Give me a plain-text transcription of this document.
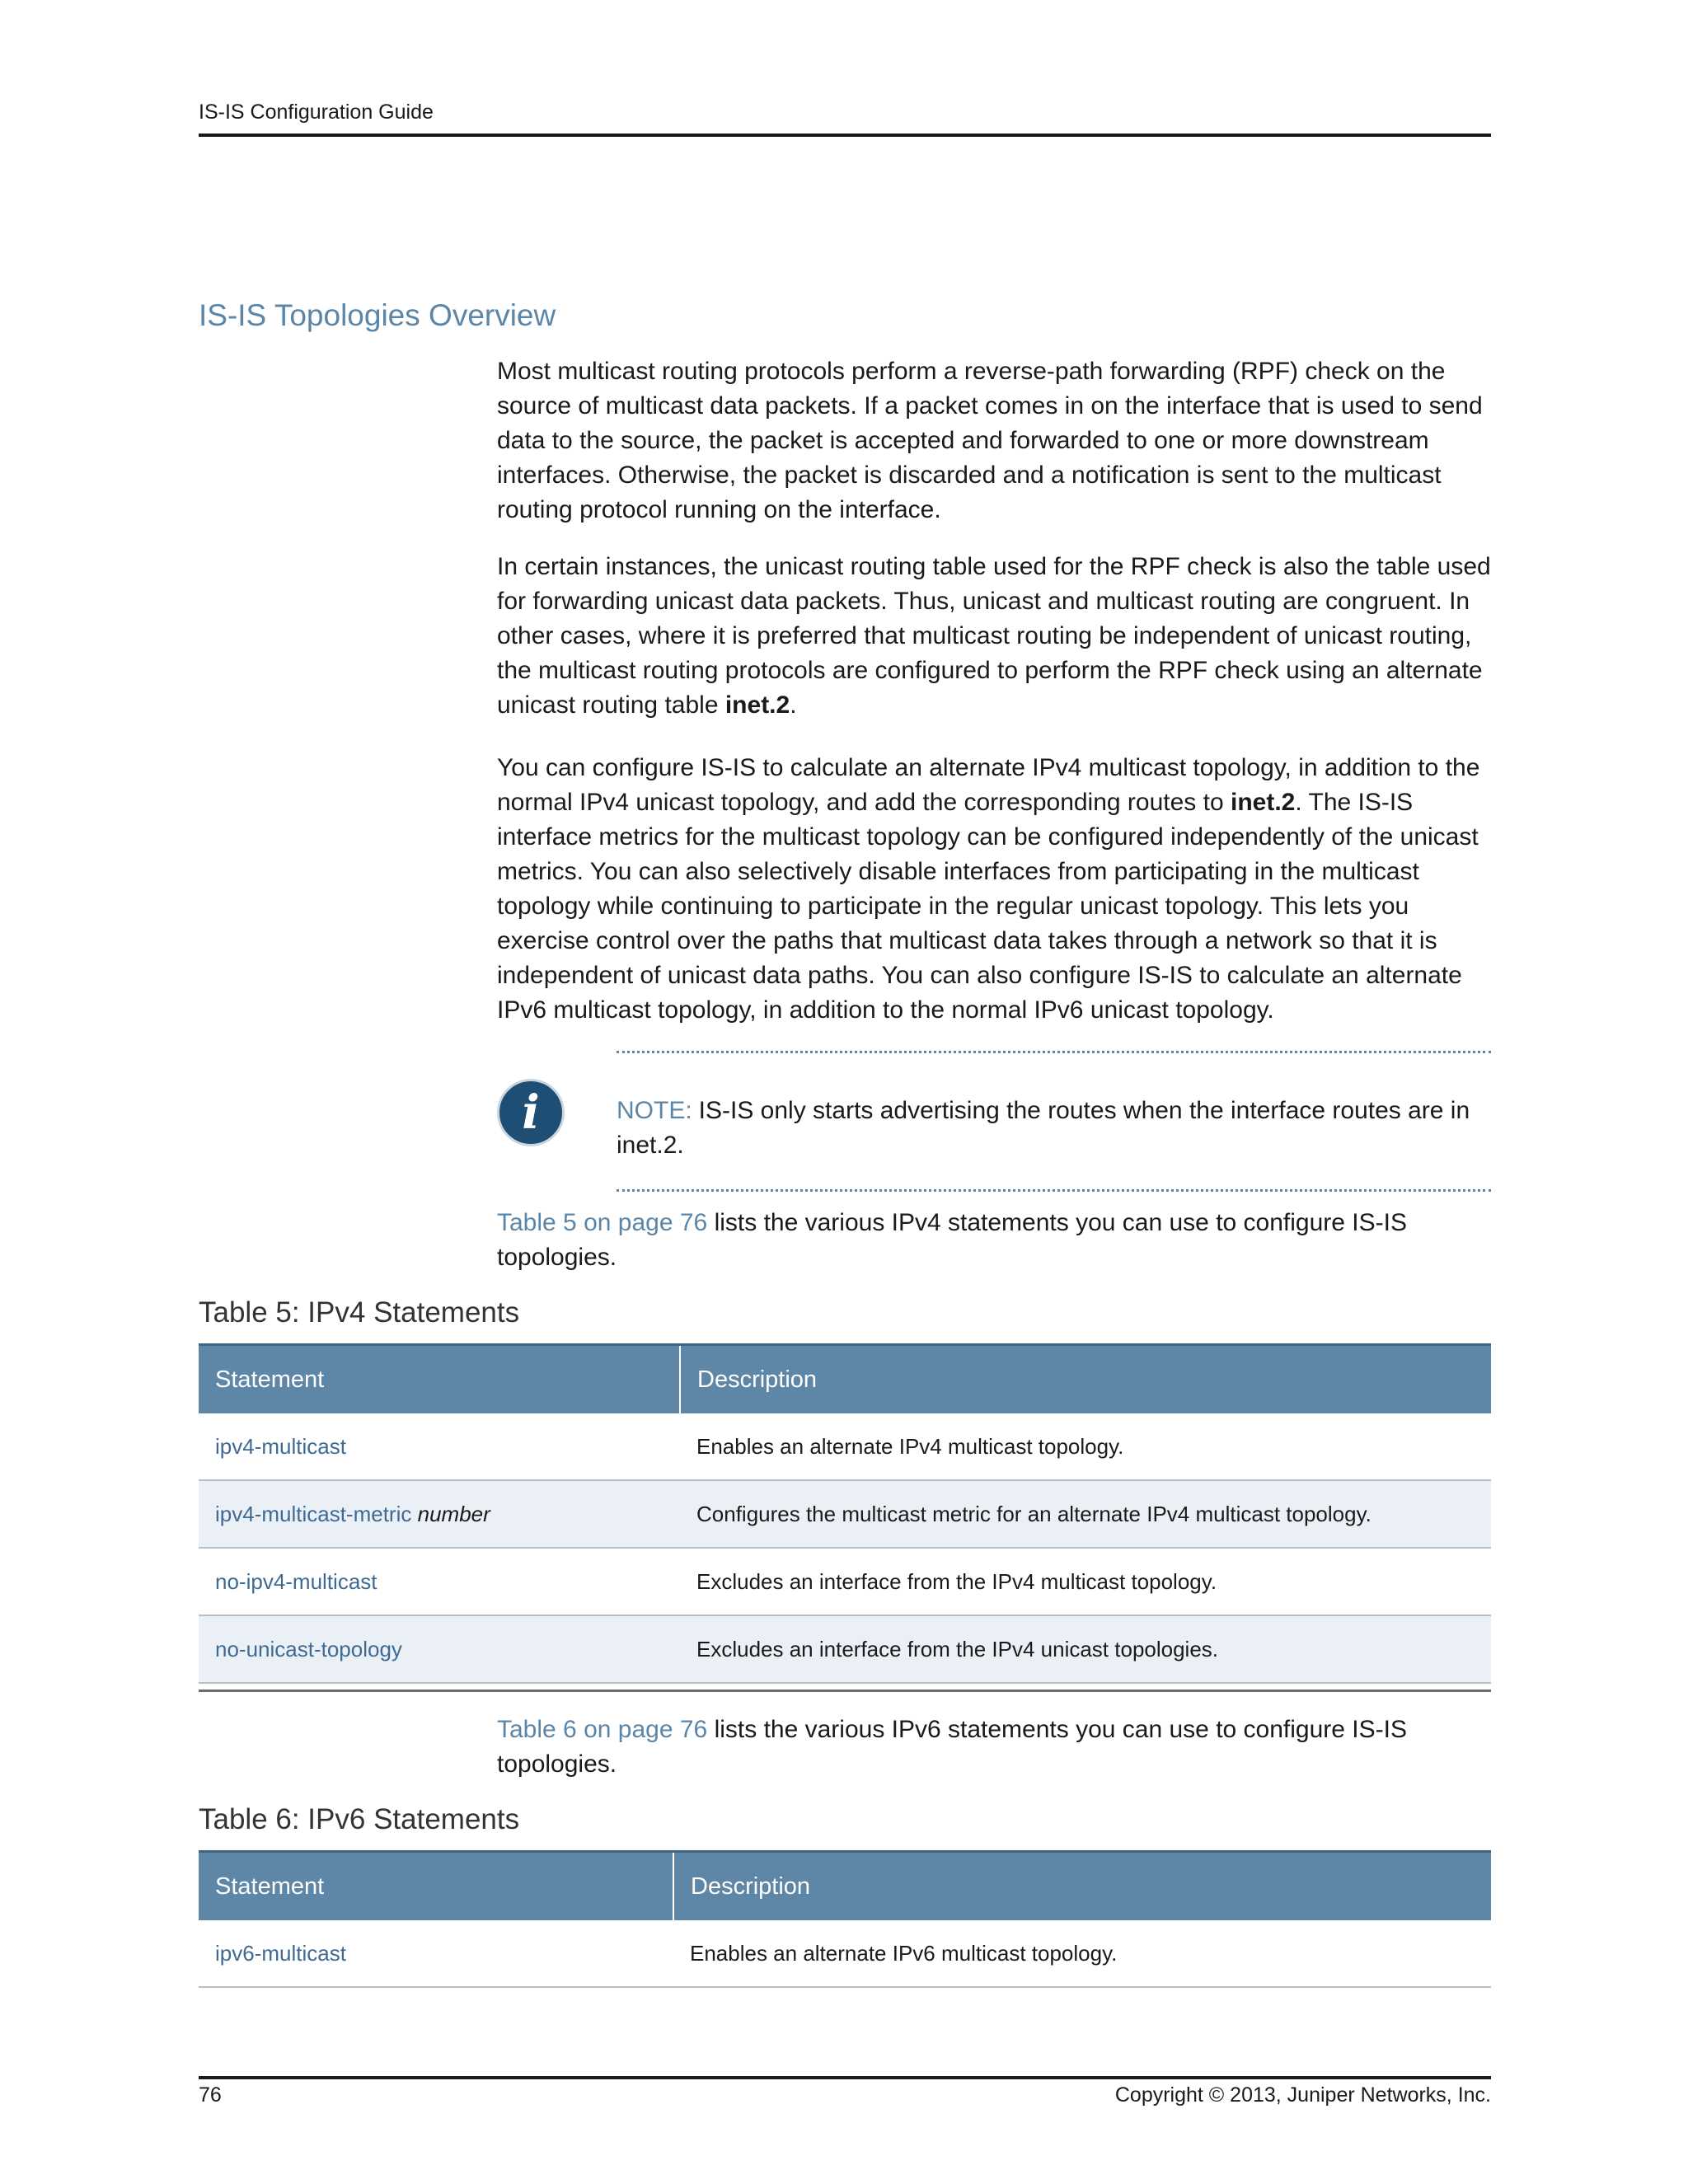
IS-IS Configuration Guide
IS-IS Topologies Overview

Most multicast routing protocols perform a reverse-path forwarding (RPF) check on the source of multicast data packets. If a packet comes in on the interface that is used to send data to the source, the packet is accepted and forwarded to one or more downstream interfaces. Otherwise, the packet is discarded and a notification is sent to the multicast routing protocol running on the interface.

In certain instances, the unicast routing table used for the RPF check is also the table used for forwarding unicast data packets. Thus, unicast and multicast routing are congruent. In other cases, where it is preferred that multicast routing be independent of unicast routing, the multicast routing protocols are configured to perform the RPF check using an alternate unicast routing table inet.2.

You can configure IS-IS to calculate an alternate IPv4 multicast topology, in addition to the normal IPv4 unicast topology, and add the corresponding routes to inet.2. The IS-IS interface metrics for the multicast topology can be configured independently of the unicast metrics. You can also selectively disable interfaces from participating in the multicast topology while continuing to participate in the regular unicast topology. This lets you exercise control over the paths that multicast data takes through a network so that it is independent of unicast data paths. You can also configure IS-IS to calculate an alternate IPv6 multicast topology, in addition to the normal IPv6 unicast topology.

i	NOTE: IS-IS only starts advertising the routes when the interface routes are in inet.2.

Table 5 on page 76 lists the various IPv4 statements you can use to configure IS-IS topologies.

Table 5: IPv4 Statements
Statement	Description
ipv4-multicast	Enables an alternate IPv4 multicast topology.
ipv4-multicast-metric number	Configures the multicast metric for an alternate IPv4 multicast topology.
no-ipv4-multicast	Excludes an interface from the IPv4 multicast topology.
no-unicast-topology	Excludes an interface from the IPv4 unicast topologies.

Table 6 on page 76 lists the various IPv6 statements you can use to configure IS-IS topologies.

Table 6: IPv6 Statements
Statement	Description
ipv6-multicast	Enables an alternate IPv6 multicast topology.
76	Copyright © 2013, Juniper Networks, Inc.
